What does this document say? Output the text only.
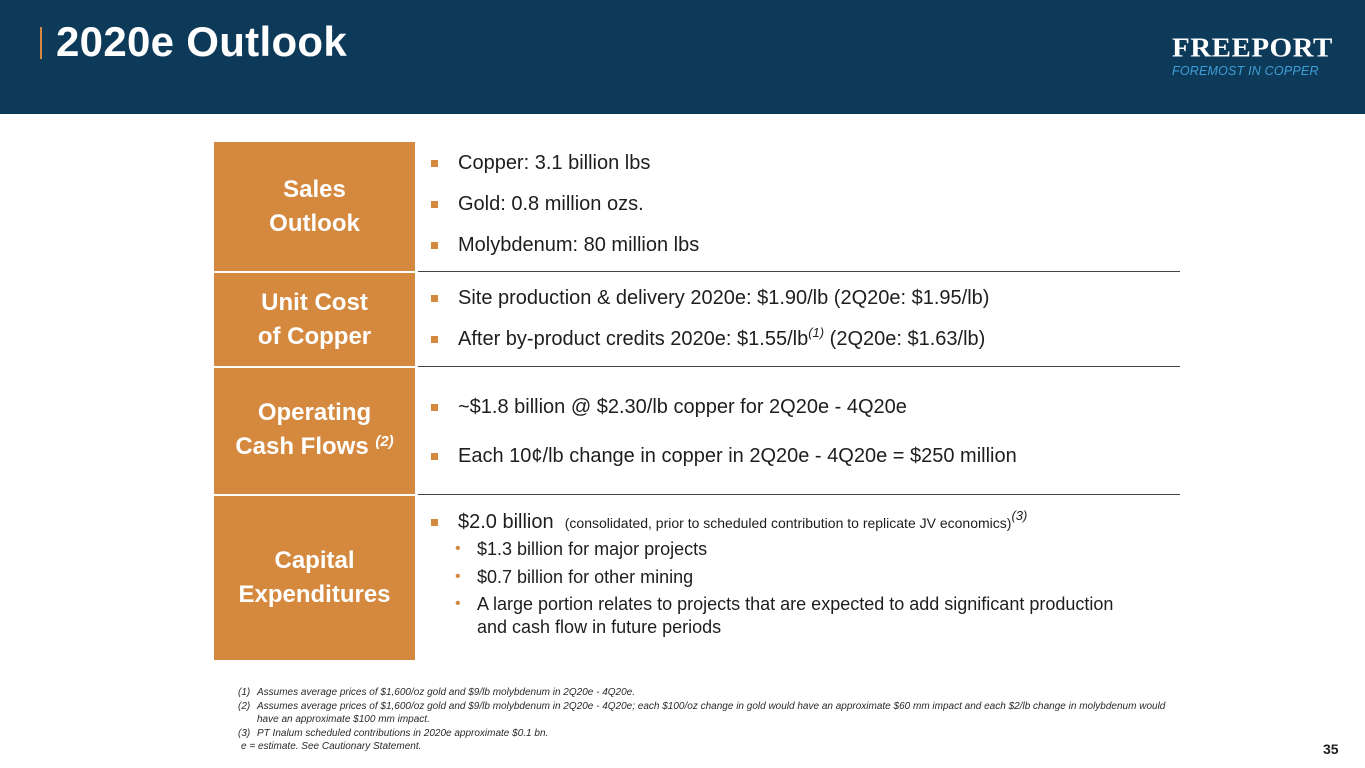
2020e Outlook	FREEPORT
FOREMOST IN COPPER
Sales
Outlook
Copper: 3.1 billion lbs
Gold: 0.8 million ozs.
Molybdenum: 80 million lbs
Unit Cost
of Copper
Site production & delivery 2020e: $1.90/lb (2Q20e: $1.95/lb)
After by-product credits 2020e: $\$1.55/lb^{(1)}$ (2Q20e: $1.63/lb)
Operating
Cash Flows $^{(2)}$
~$1.8 billion @ $2.30/lb copper for 2Q20e - 4Q20e
Each 10¢/lb change in copper in 2Q20e - 4Q20e = $250 million
Capital
Expenditures
$2.0 billion (consolidated, prior to scheduled contribution to replicate JV economics)$^{(3)}$
$1.3 billion for major projects
$0.7 billion for other mining
A large portion relates to projects that are expected to add significant production
and cash flow in future periods
(1) Assumes average prices of $1,600/oz gold and $9/lb molybdenum in 2Q20e - 4Q20e.
(2) Assumes average prices of $1,600/oz gold and $9/lb molybdenum in 2Q20e - 4Q20e; each $100/oz change in gold would have an approximate $60 mm impact and each $2/lb change in molybdenum would have an approximate $100 mm impact.
(3) PT Inalum scheduled contributions in 2020e approximate $0.1 bn.
e = estimate. See Cautionary Statement.	35
